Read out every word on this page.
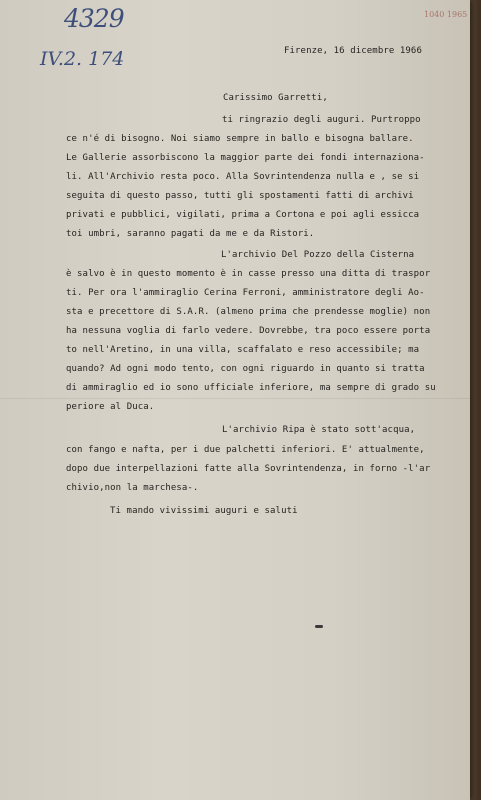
4329
IV.2. 174
1040 1965
Firenze, 16 dicembre 1966
Carissimo Garretti,
ti ringrazio degli auguri. Purtroppo
ce n'é di bisogno. Noi siamo sempre in ballo e bisogna ballare.
Le Gallerie assorbiscono la maggior parte dei fondi internaziona-
li. All'Archivio resta poco. Alla Sovrintendenza nulla e , se si
seguita di questo passo, tutti gli spostamenti fatti di archivi
privati e pubblici, vigilati, prima a Cortona e poi agli essicca
toi umbri, saranno pagati da me e da Ristori.
L'archivio Del Pozzo della Cisterna
è salvo è in questo momento è in casse presso una ditta di traspor
ti. Per ora l'ammiraglio Cerina Ferroni, amministratore degli Ao-
sta e precettore di S.A.R. (almeno prima che prendesse moglie) non
ha nessuna voglia di farlo vedere. Dovrebbe, tra poco essere porta
to nell'Aretino, in una villa, scaffalato e reso accessibile; ma
quando? Ad ogni modo tento, con ogni riguardo in quanto si tratta
di ammiraglio ed io sono ufficiale inferiore, ma sempre di grado su
periore al Duca.
L'archivio Ripa è stato sott'acqua,
con fango e nafta, per i due palchetti inferiori. E' attualmente,
dopo due interpellazioni fatte alla Sovrintendenza, in forno -l'ar
chivio,non la marchesa-.
Ti mando vivissimi auguri e saluti
